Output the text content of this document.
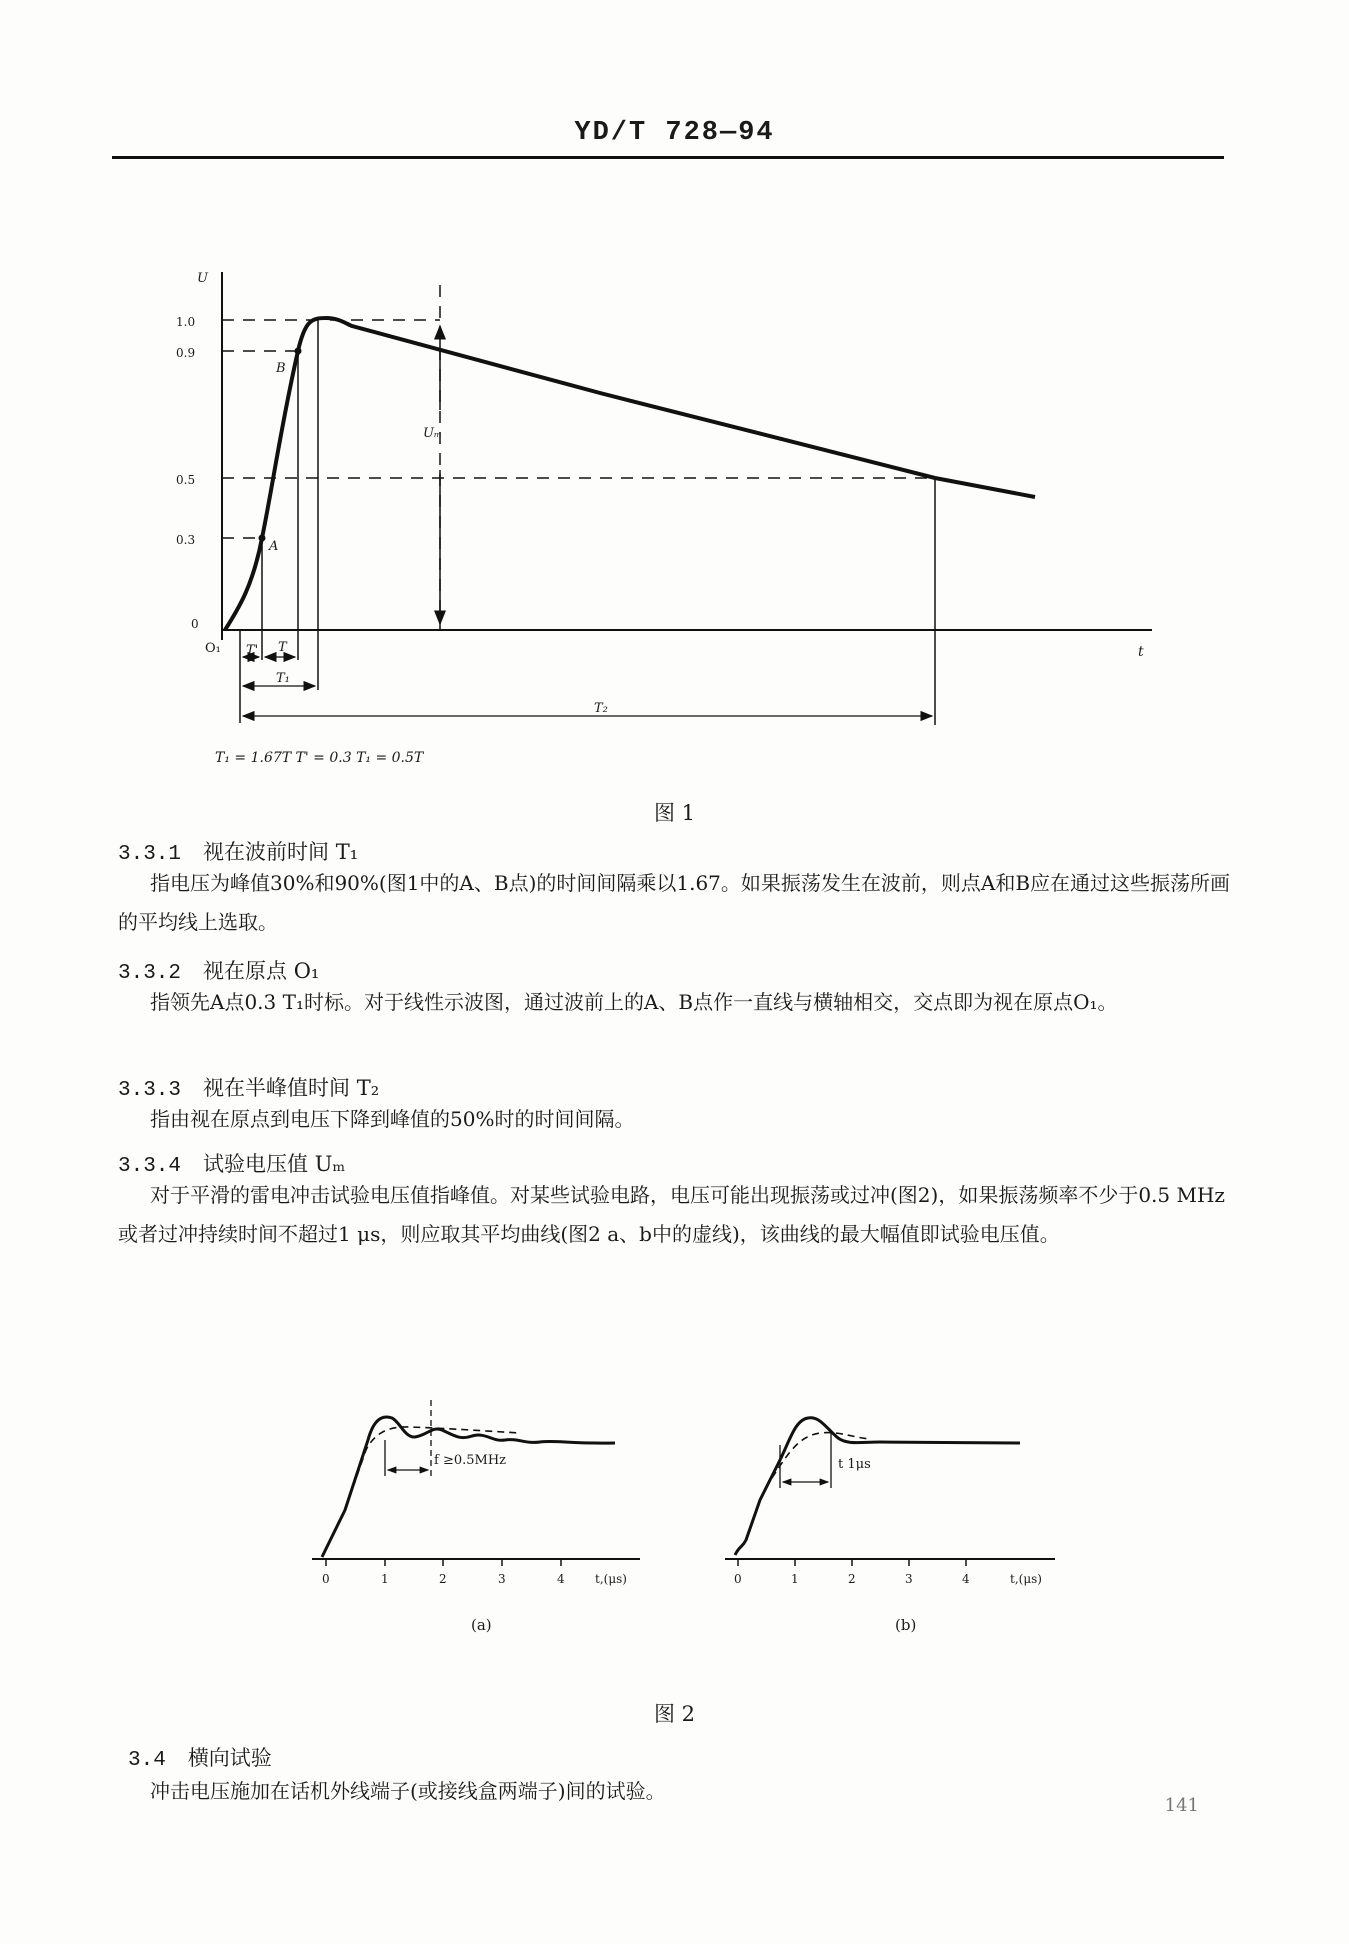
YD/T 728—94
U
t
1.0
0.9
0.5
0.3
0
Uₘ
O₁ T' T
T₁
T₂
A
B
T₁ = 1.67T T' = 0.3 T₁ = 0.5T
图 1
3.3.1 视在波前时间 T₁
指电压为峰值30%和90%(图1中的A、B点)的时间间隔乘以1.67。如果振荡发生在波前，则点A和B应在通过这些振荡所画的平均线上选取。
3.3.2 视在原点 O₁
指领先A点0.3 T₁时标。对于线性示波图，通过波前上的A、B点作一直线与横轴相交，交点即为视在原点O₁。
3.3.3 视在半峰值时间 T₂
指由视在原点到电压下降到峰值的50%时的时间间隔。
3.3.4 试验电压值 Uₘ
对于平滑的雷电冲击试验电压值指峰值。对某些试验电路，电压可能出现振荡或过冲(图2)，如果振荡频率不少于0.5 MHz或者过冲持续时间不超过1 μs，则应取其平均曲线(图2 a、b中的虚线)，该曲线的最大幅值即试验电压值。
0	1	2	3	4	t,(μs)
f ≥0.5MHz
0	1	2	3	4	t,(μs)
t 1μs
(a)	(b)
图 2
3.4 横向试验
冲击电压施加在话机外线端子(或接线盒两端子)间的试验。
141
